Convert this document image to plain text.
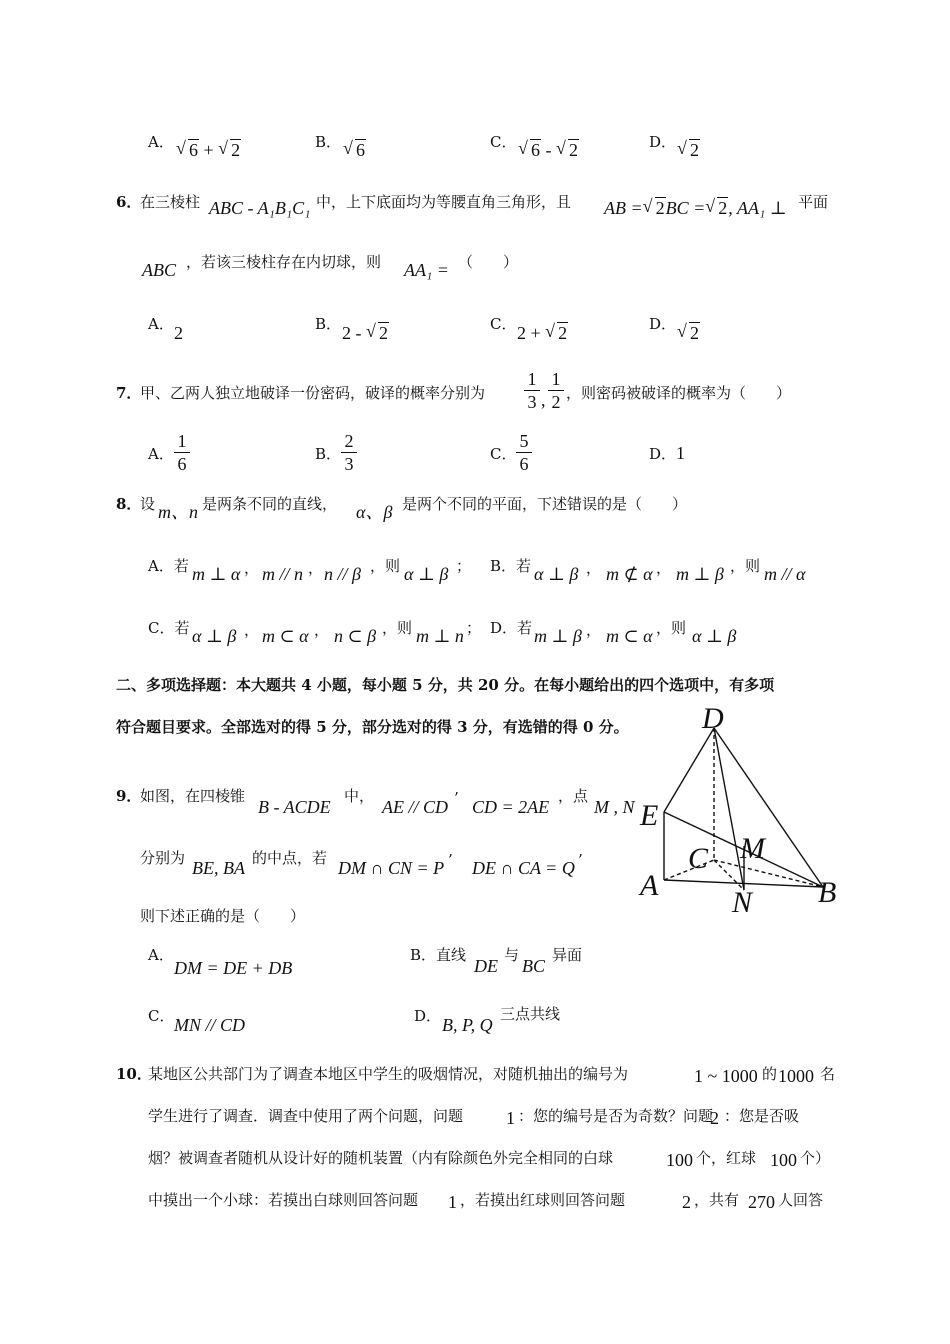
A． √ 6 + √ 2	B． √ 6	C． √ 6 - √ 2	D． √ 2
6．
在三棱柱 ABC - A₁B₁C₁ 中，上下底面均为等腰直角三角形，且 AB = √ 2BC = √ 2, AA₁ ⊥ 平面
ABC ，若该三棱柱存在内切球，则 AA₁ = （　　）
A． 2	B． 2 - √ 2	C． 2 + √ 2	D． √ 2
7．
甲、乙两人独立地破译一份密码，破译的概率分别为 $\frac{1}{3}$ , $\frac{1}{2}$ ，则密码被破译的概率为（　　）
A． $\frac{1}{6}$	B． $\frac{2}{3}$	C． $\frac{5}{6}$	D． 1
8．
设 m、n 是两条不同的直线， α、β 是两个不同的平面，下述错误的是（　　）
A．若 m ⊥ α ， m // n ， n // β ，则 α ⊥ β ； B．若 α ⊥ β ， m ⊄ α ， m ⊥ β ，则 m // α
C．若 α ⊥ β ， m ⊂ α ， n ⊂ β ，则 m ⊥ n ； D．若 m ⊥ β ， m ⊂ α ，则 α ⊥ β
二、多项选择题：本大题共 4 小题，每小题 5 分，共 20 分。在每小题给出的四个选项中，有多项
符合题目要求。全部选对的得 5 分，部分选对的得 3 分，有选错的得 0 分。
9．
如图，在四棱锥
B - ACDE
中，
AE // CD ’ CD = 2AE
，点
M , N
分别为 BE, BA 的中点，若 DM ∩ CN = P ’ DE ∩ CA = Q ’
则下述正确的是（　　）
A．
DM = DE + DB
B．直线
DE
与
BC
异面
C． MN // CD	D． B, P, Q
三点共线
D
E
C M
A
N B
10．
某地区公共部门为了调查本地区中学生的吸烟情况，对随机抽出的编号为	1 ~ 1000 的 1000 名
学生进行了调查．调查中使用了两个问题，问题 1 ：您的编号是否为奇数？问题
2 ：您是否吸
烟？被调查者随机从设计好的随机装置（内有除颜色外完全相同的白球	100 个，红球 100 个）
中摸出一个小球：若摸出白球则回答问题 1 ，若摸出红球则回答问题	2 ，共有 270 人回答
